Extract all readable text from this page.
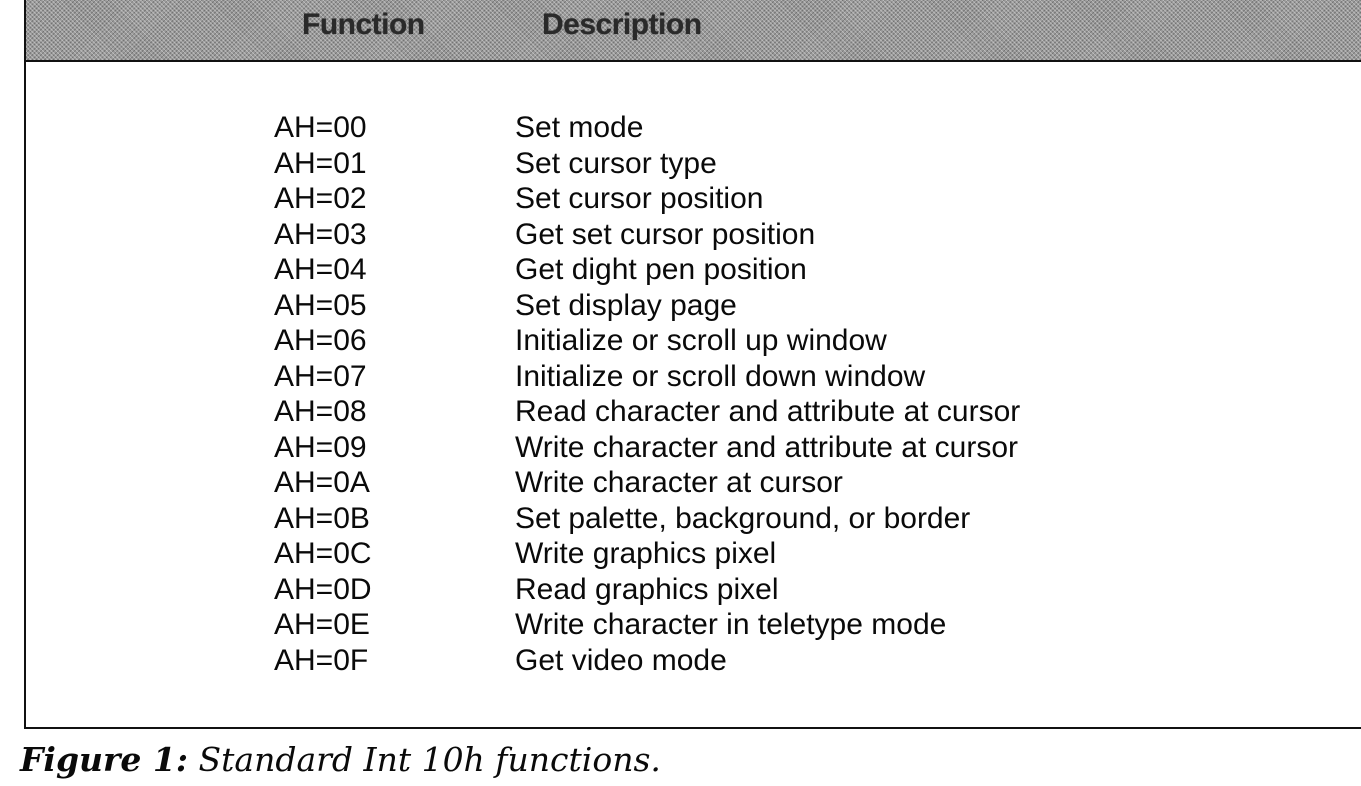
Function	Description
AH=00	Set mode
AH=01	Set cursor type
AH=02	Set cursor position
AH=03	Get set cursor position
AH=04	Get dight pen position
AH=05	Set display page
AH=06	Initialize or scroll up window
AH=07	Initialize or scroll down window
AH=08	Read character and attribute at cursor
AH=09	Write character and attribute at cursor
AH=0A	Write character at cursor
AH=0B	Set palette, background, or border
AH=0C	Write graphics pixel
AH=0D	Read graphics pixel
AH=0E	Write character in teletype mode
AH=0F	Get video mode
Figure 1: Standard Int 10h functions.
